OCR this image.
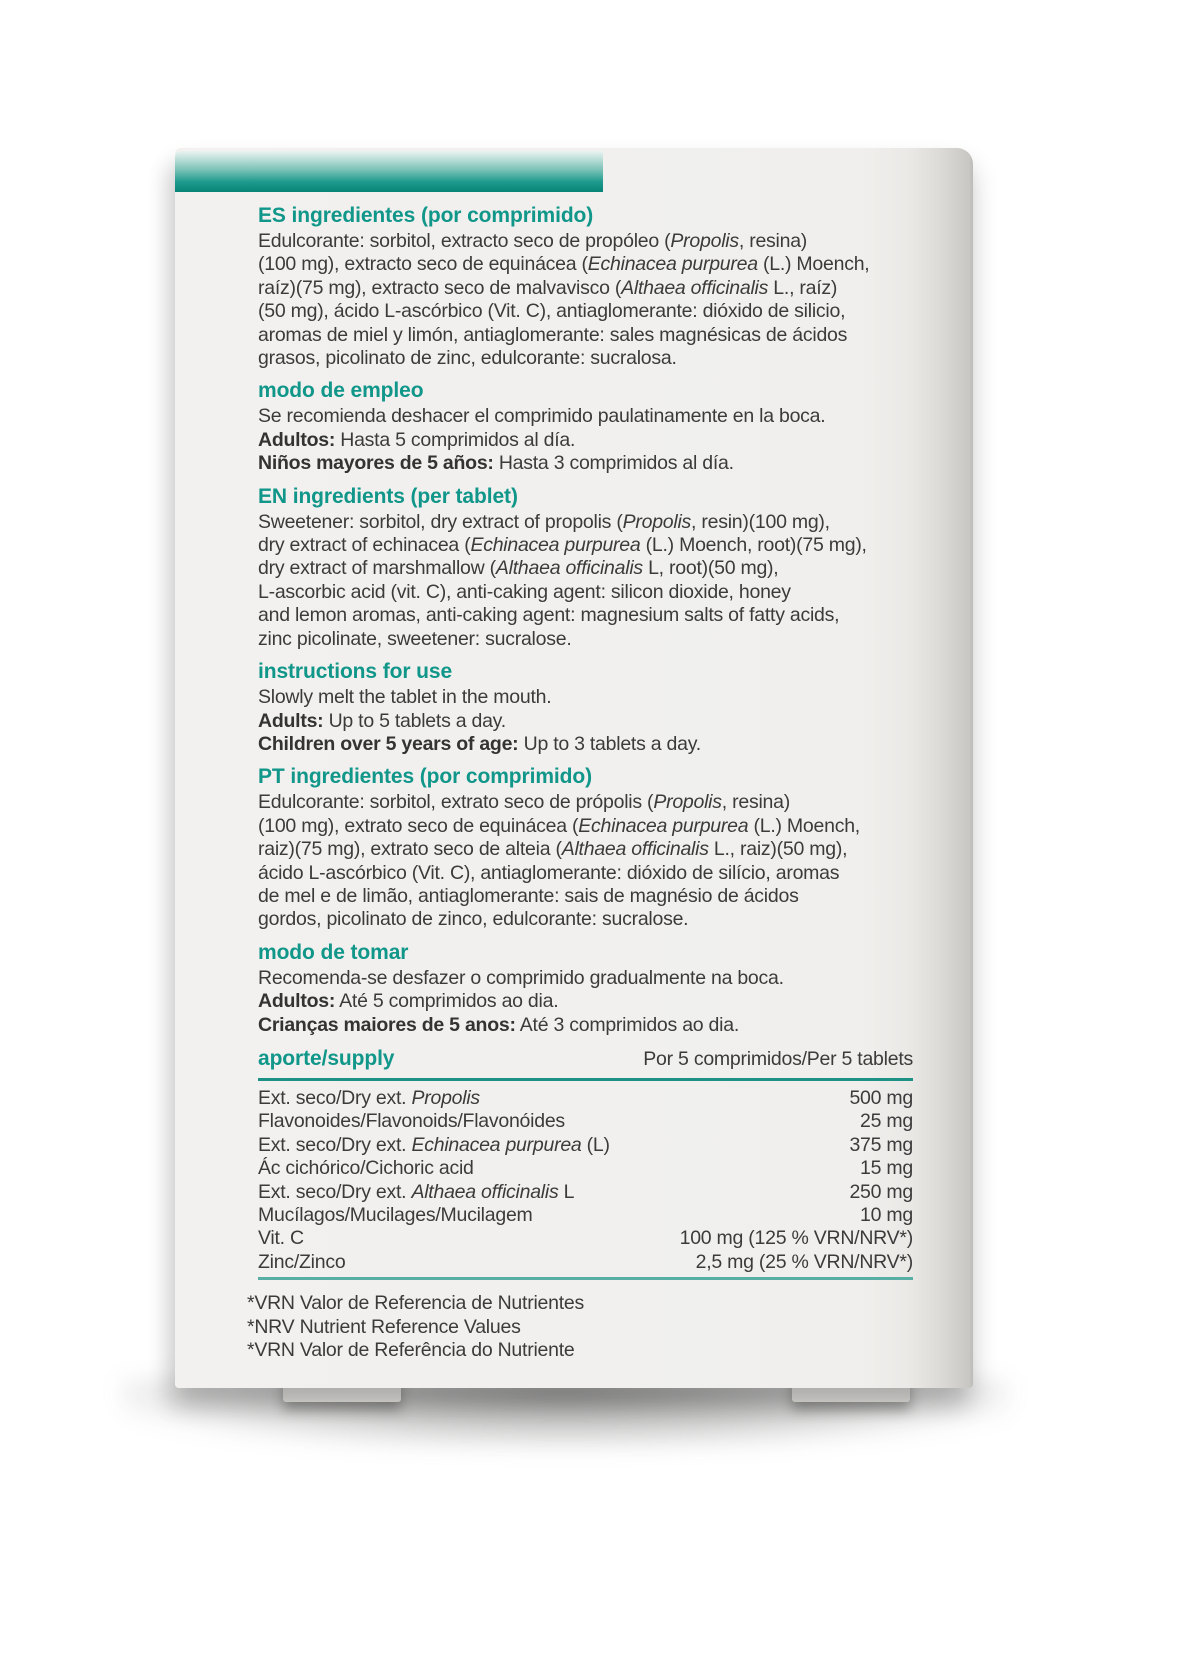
ES ingredientes (por comprimido)
Edulcorante: sorbitol, extracto seco de propóleo (Propolis, resina)
(100 mg), extracto seco de equinácea (Echinacea purpurea (L.) Moench,
raíz)(75 mg), extracto seco de malvavisco (Althaea officinalis L., raíz)
(50 mg), ácido L-ascórbico (Vit. C), antiaglomerante: dióxido de silicio,
aromas de miel y limón, antiaglomerante: sales magnésicas de ácidos
grasos, picolinato de zinc, edulcorante: sucralosa.
modo de empleo
Se recomienda deshacer el comprimido paulatinamente en la boca.
Adultos: Hasta 5 comprimidos al día.
Niños mayores de 5 años: Hasta 3 comprimidos al día.
EN ingredients (per tablet)
Sweetener: sorbitol, dry extract of propolis (Propolis, resin)(100 mg),
dry extract of echinacea (Echinacea purpurea (L.) Moench, root)(75 mg),
dry extract of marshmallow (Althaea officinalis L, root)(50 mg),
L-ascorbic acid (vit. C), anti-caking agent: silicon dioxide, honey
and lemon aromas, anti-caking agent: magnesium salts of fatty acids,
zinc picolinate, sweetener: sucralose.
instructions for use
Slowly melt the tablet in the mouth.
Adults: Up to 5 tablets a day.
Children over 5 years of age: Up to 3 tablets a day.
PT ingredientes (por comprimido)
Edulcorante: sorbitol, extrato seco de própolis (Propolis, resina)
(100 mg), extrato seco de equinácea (Echinacea purpurea (L.) Moench,
raiz)(75 mg), extrato seco de alteia (Althaea officinalis L., raiz)(50 mg),
ácido L-ascórbico (Vit. C), antiaglomerante: dióxido de silício, aromas
de mel e de limão, antiaglomerante: sais de magnésio de ácidos
gordos, picolinato de zinco, edulcorante: sucralose.
modo de tomar
Recomenda-se desfazer o comprimido gradualmente na boca.
Adultos: Até 5 comprimidos ao dia.
Crianças maiores de 5 anos: Até 3 comprimidos ao dia.
aporte/supply	Por 5 comprimidos/Per 5 tablets
Ext. seco/Dry ext. Propolis	500 mg
Flavonoides/Flavonoids/Flavonóides	25 mg
Ext. seco/Dry ext. Echinacea purpurea (L)	375 mg
Ác cichórico/Cichoric acid	15 mg
Ext. seco/Dry ext. Althaea officinalis L	250 mg
Mucílagos/Mucilages/Mucilagem	10 mg
Vit. C	100 mg (125 % VRN/NRV*)
Zinc/Zinco	2,5 mg (25 % VRN/NRV*)
*VRN Valor de Referencia de Nutrientes
*NRV Nutrient Reference Values
*VRN Valor de Referência do Nutriente
